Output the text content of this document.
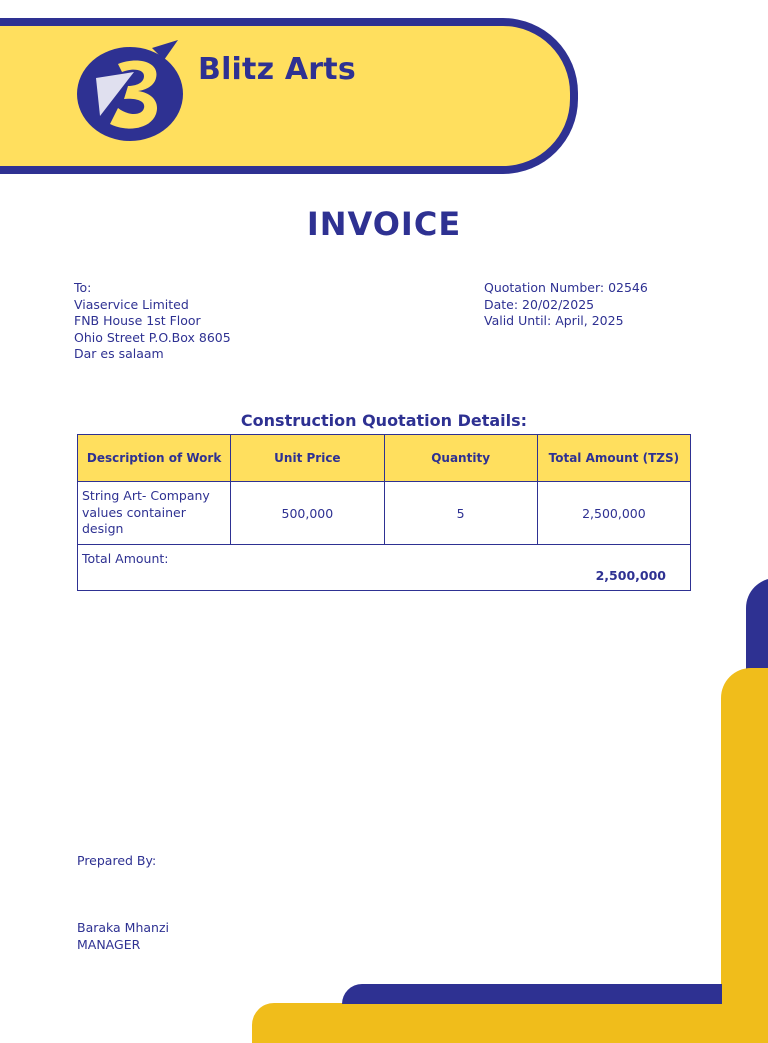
Blitz Arts
INVOICE
To:
Viaservice Limited
FNB House 1st Floor
Ohio Street P.O.Box 8605
Dar es salaam
Quotation Number: 02546
Date: 20/02/2025
Valid Until: April, 2025
Construction Quotation Details:
Description of Work	Unit Price	Quantity	Total Amount (TZS)
String Art- Company values container design	500,000	5	2,500,000

Total Amount:
2,500,000			
Prepared By:
Baraka Mhanzi
MANAGER
